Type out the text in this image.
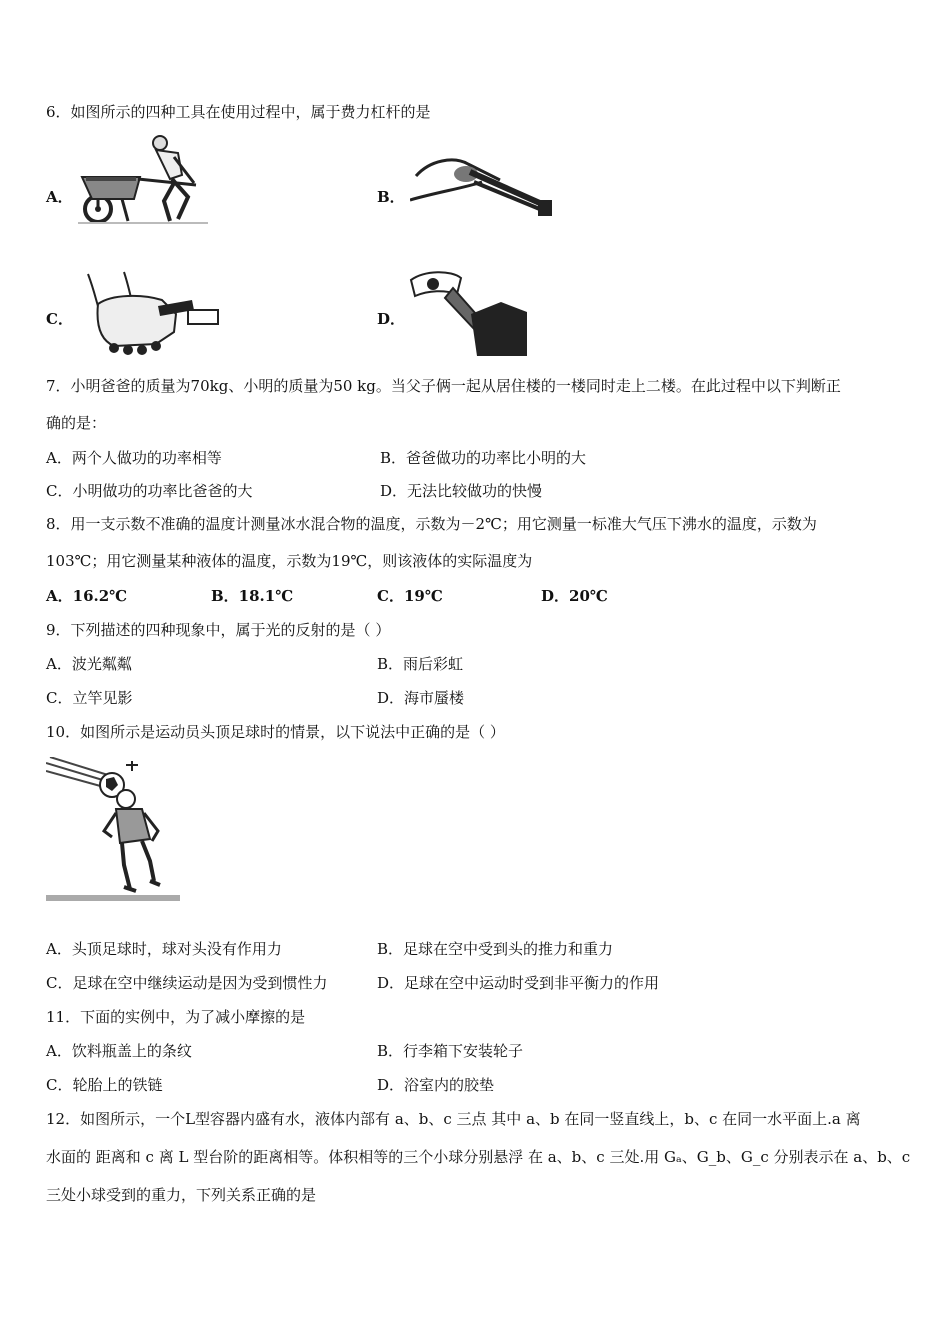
6．如图所示的四种工具在使用过程中，属于费力杠杆的是
A．	B．
C．	D．
7．小明爸爸的质量为70kg、小明的质量为50 kg。当父子俩一起从居住楼的一楼同时走上二楼。在此过程中以下判断正
确的是：
A．两个人做功的功率相等	B．爸爸做功的功率比小明的大
C．小明做功的功率比爸爸的大	D．无法比较做功的快慢
8．用一支示数不准确的温度计测量冰水混合物的温度，示数为－2℃；用它测量一标准大气压下沸水的温度，示数为
103℃；用它测量某种液体的温度，示数为19℃，则该液体的实际温度为
A．16.2℃	B．18.1℃	C．19℃	D．20℃
9．下列描述的四种现象中，属于光的反射的是（ ）
A．波光粼粼	B．雨后彩虹
C．立竿见影	D．海市蜃楼
10．如图所示是运动员头顶足球时的情景，以下说法中正确的是（ ）
A．头顶足球时，球对头没有作用力	B．足球在空中受到头的推力和重力
C．足球在空中继续运动是因为受到惯性力	D．足球在空中运动时受到非平衡力的作用
11．下面的实例中，为了减小摩擦的是
A．饮料瓶盖上的条纹	B．行李箱下安装轮子
C．轮胎上的铁链	D．浴室内的胶垫
12．如图所示，一个L型容器内盛有水，液体内部有 a、b、c 三点 其中 a、b 在同一竖直线上，b、c 在同一水平面上.a 离
水面的 距离和 c 离 L 型台阶的距离相等。体积相等的三个小球分别悬浮 在 a、b、c 三处.用 Gₐ、G_b、G_c 分别表示在 a、b、c
三处小球受到的重力，下列关系正确的是
